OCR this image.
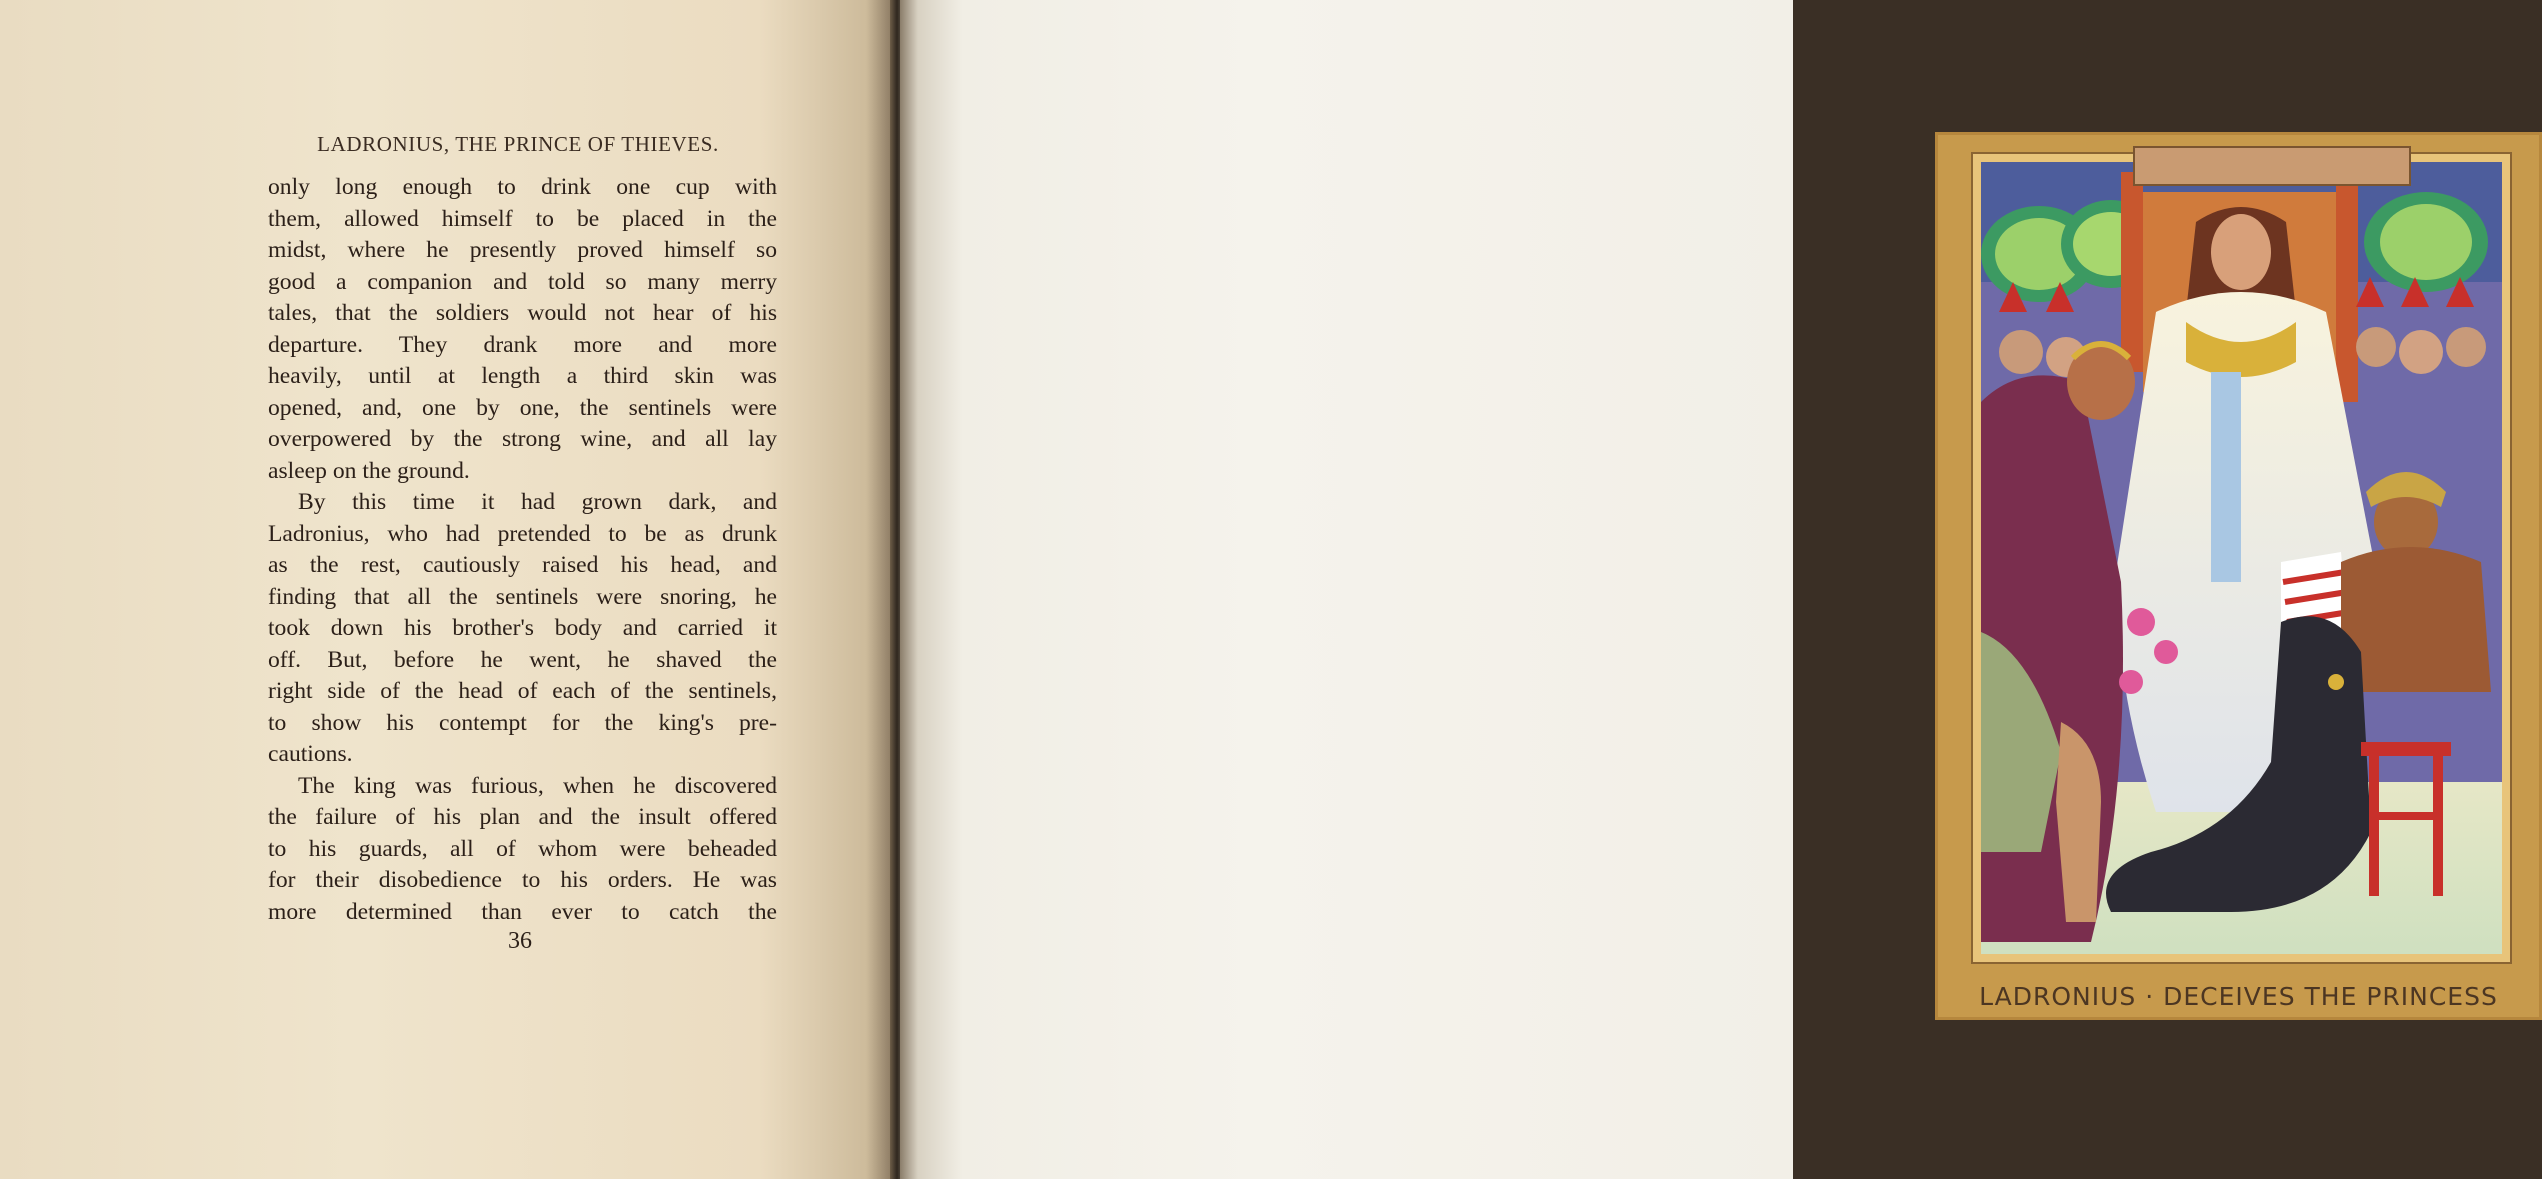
LADRONIUS, THE PRINCE OF THIEVES.

only long enough to drink one cup with

them, allowed himself to be placed in the

midst, where he presently proved himself so

good a companion and told so many merry

tales, that the soldiers would not hear of his

departure. They drank more and more

heavily, until at length a third skin was

opened, and, one by one, the sentinels were

overpowered by the strong wine, and all lay

asleep on the ground.

By this time it had grown dark, and

Ladronius, who had pretended to be as drunk

as the rest, cautiously raised his head, and

finding that all the sentinels were snoring, he

took down his brother's body and carried it

off. But, before he went, he shaved the

right side of the head of each of the sentinels,

to show his contempt for the king's pre-

cautions.

The king was furious, when he discovered

the failure of his plan and the insult offered

to his guards, all of whom were beheaded

for their disobedience to his orders. He was

more determined than ever to catch the

36
LADRONIUS · DECEIVES THE PRINCESS
